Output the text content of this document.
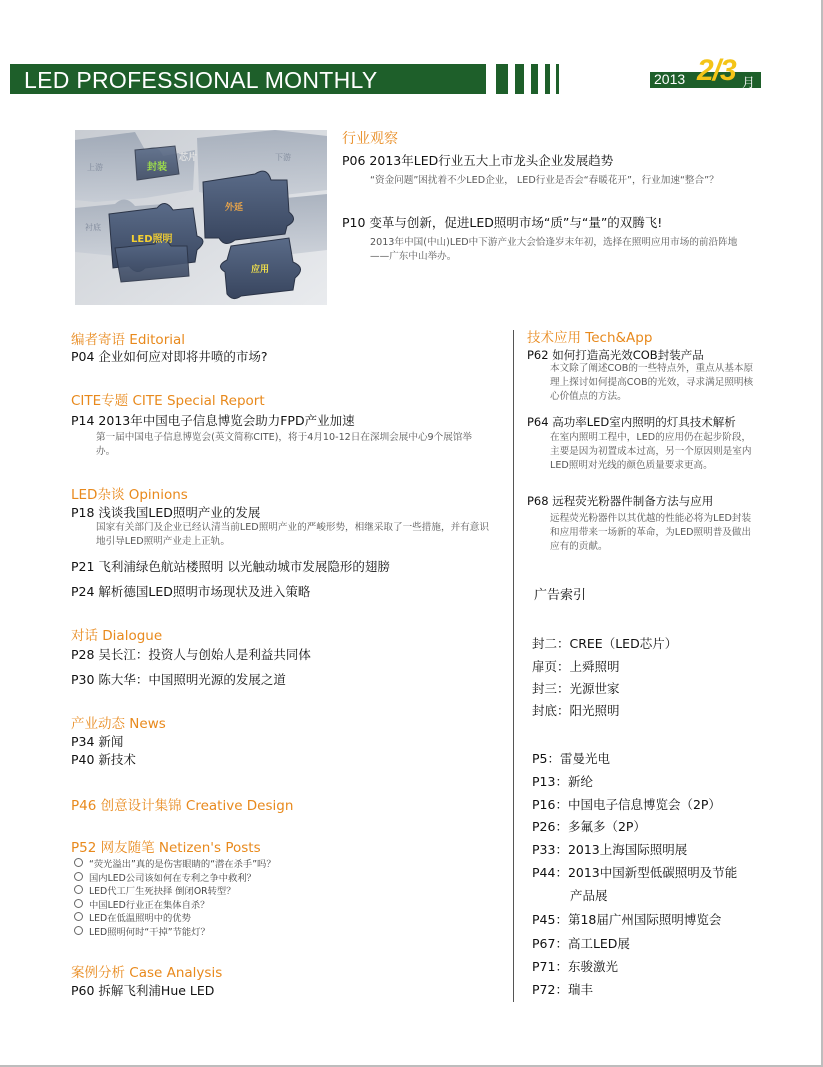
LED PROFESSIONAL MONTHLY	2013 2/3 月
封装
芯片
外延
LED照明
上游
下游
应用
衬底
行业观察
P06 2013年LED行业五大上市龙头企业发展趋势
“资金问题”困扰着不少LED企业， LED行业是否会“春暖花开”，行业加速“整合”？
P10 变革与创新，促进LED照明市场“质”与“量”的双腾飞!
2013年中国(中山)LED中下游产业大会恰逢岁末年初，选择在照明应用市场的前沿阵地——广东中山举办。
编者寄语 Editorial
P04 企业如何应对即将井喷的市场?
CITE专题 CITE Special Report
P14 2013年中国电子信息博览会助力FPD产业加速
第一届中国电子信息博览会(英文简称CITE)，将于4月10-12日在深圳会展中心9个展馆举办。
LED杂谈 Opinions
P18 浅谈我国LED照明产业的发展
国家有关部门及企业已经认清当前LED照明产业的严峻形势，相继采取了一些措施，并有意识地引导LED照明产业走上正轨。
P21 飞利浦绿色航站楼照明 以光触动城市发展隐形的翅膀
P24 解析德国LED照明市场现状及进入策略
对话 Dialogue
P28 吴长江：投资人与创始人是利益共同体
P30 陈大华：中国照明光源的发展之道
产业动态 News
P34 新闻
P40 新技术
P46 创意设计集锦 Creative Design
P52 网友随笔 Netizen's Posts
“荧光溢出”真的是伤害眼睛的“潜在杀手”吗？
国内LED公司该如何在专利之争中救利？
LED代工厂生死抉择 倒闭OR转型？
中国LED行业正在集体自杀？
LED在低温照明中的优势
LED照明何时“干掉”节能灯？
案例分析 Case Analysis
P60 拆解飞利浦Hue LED
技术应用 Tech&App
P62 如何打造高光效COB封装产品
本文除了阐述COB的一些特点外，重点从基本原理上探讨如何提高COB的光效，寻求满足照明核心价值点的方法。
P64 高功率LED室内照明的灯具技术解析
在室内照明工程中，LED的应用仍在起步阶段，主要是因为初置成本过高，另一个原因则是室内LED照明对光线的颜色质量要求更高。
P68 远程荧光粉器件制备方法与应用
远程荧光粉器件以其优越的性能必将为LED封装和应用带来一场新的革命，为LED照明普及做出应有的贡献。
广告索引
封二：CREE（LED芯片）
扉页：上舜照明
封三：光源世家
封底：阳光照明
P5：雷曼光电
P13：新纶
P16：中国电子信息博览会（2P）
P26：多氟多（2P）
P33：2013上海国际照明展
P44：2013中国新型低碳照明及节能
产品展
P45：第18届广州国际照明博览会
P67：高工LED展
P71：东骏激光
P72：瑞丰
